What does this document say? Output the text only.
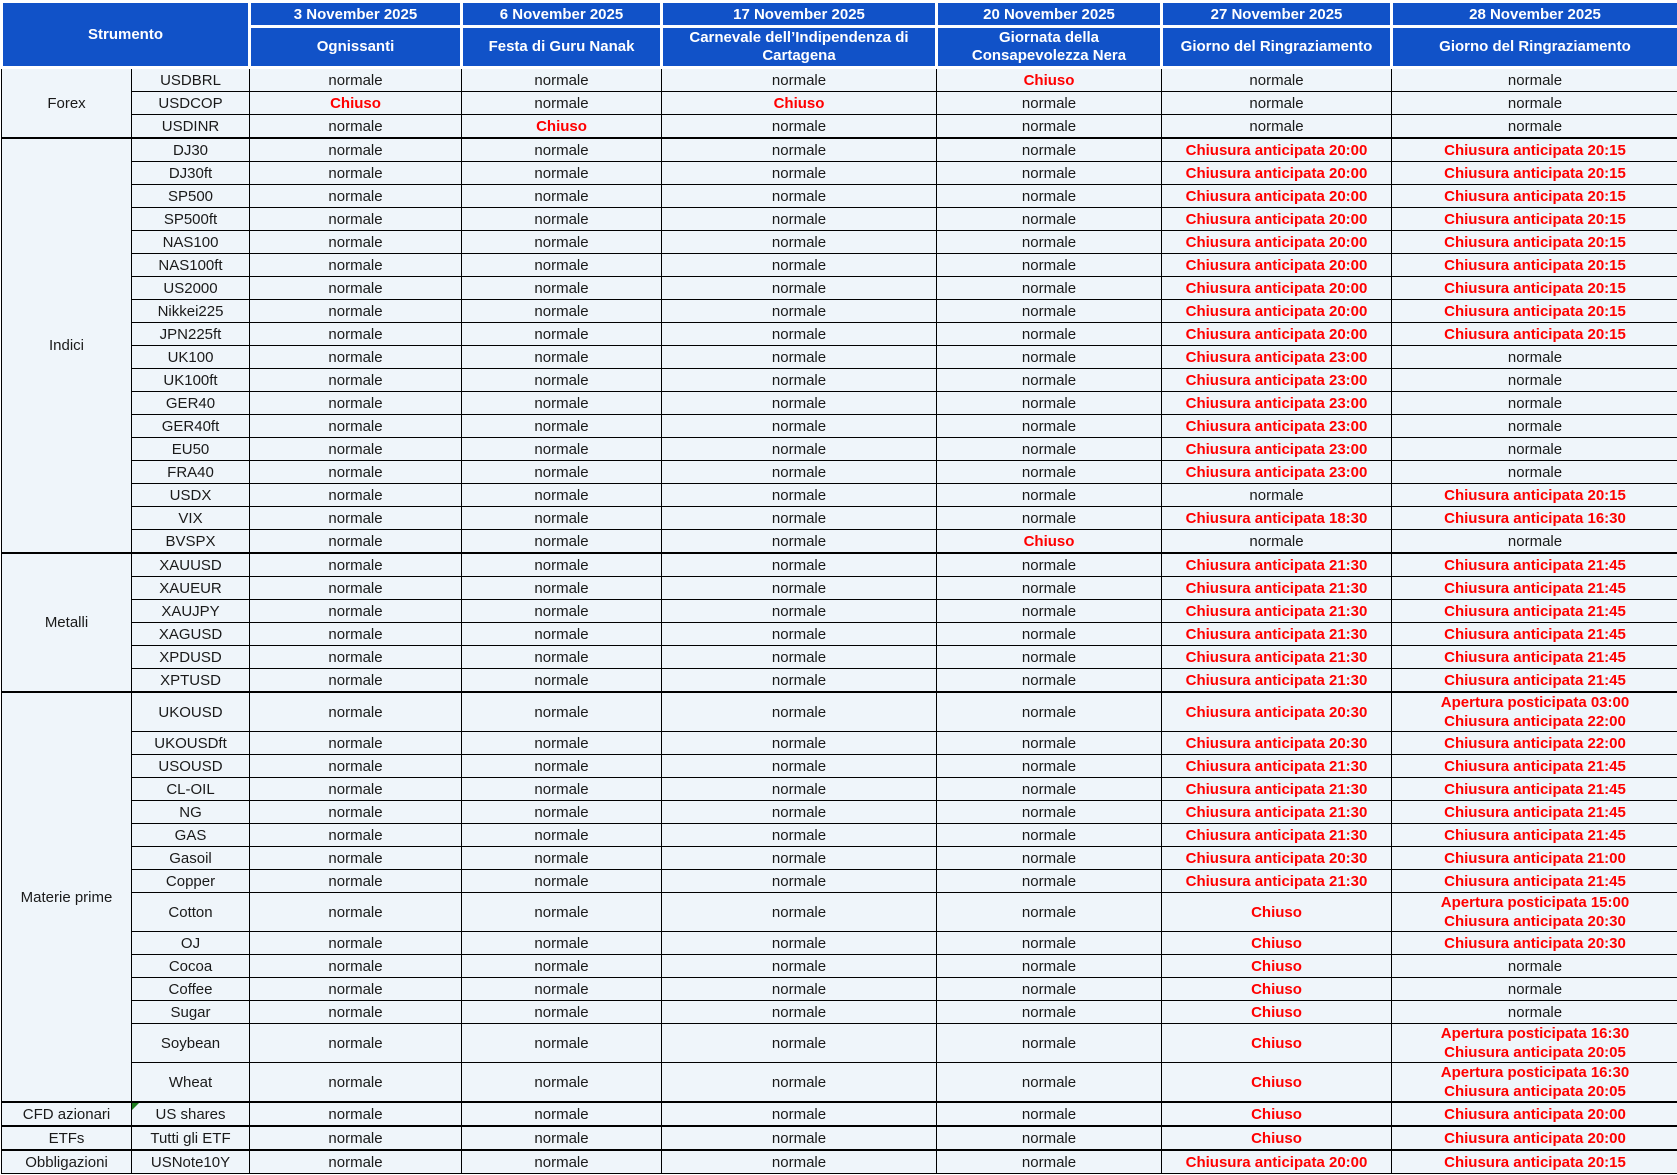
Strumento		3 November 2025	6 November 2025	17 November 2025	20 November 2025	27 November 2025	28 November 2025
		Ognissanti	Festa di Guru Nanak	Carnevale dell’Indipendenza di Cartagena	Giornata della Consapevolezza Nera	Giorno del Ringraziamento	Giorno del Ringraziamento
Forex	USDBRL	normale	normale	normale	Chiuso	normale	normale
	USDCOP	Chiuso	normale	Chiuso	normale	normale	normale
	USDINR	normale	Chiuso	normale	normale	normale	normale
Indici	DJ30	normale	normale	normale	normale	Chiusura anticipata 20:00	Chiusura anticipata 20:15
	DJ30ft	normale	normale	normale	normale	Chiusura anticipata 20:00	Chiusura anticipata 20:15
	SP500	normale	normale	normale	normale	Chiusura anticipata 20:00	Chiusura anticipata 20:15
	SP500ft	normale	normale	normale	normale	Chiusura anticipata 20:00	Chiusura anticipata 20:15
	NAS100	normale	normale	normale	normale	Chiusura anticipata 20:00	Chiusura anticipata 20:15
	NAS100ft	normale	normale	normale	normale	Chiusura anticipata 20:00	Chiusura anticipata 20:15
	US2000	normale	normale	normale	normale	Chiusura anticipata 20:00	Chiusura anticipata 20:15
	Nikkei225	normale	normale	normale	normale	Chiusura anticipata 20:00	Chiusura anticipata 20:15
	JPN225ft	normale	normale	normale	normale	Chiusura anticipata 20:00	Chiusura anticipata 20:15
	UK100	normale	normale	normale	normale	Chiusura anticipata 23:00	normale
	UK100ft	normale	normale	normale	normale	Chiusura anticipata 23:00	normale
	GER40	normale	normale	normale	normale	Chiusura anticipata 23:00	normale
	GER40ft	normale	normale	normale	normale	Chiusura anticipata 23:00	normale
	EU50	normale	normale	normale	normale	Chiusura anticipata 23:00	normale
	FRA40	normale	normale	normale	normale	Chiusura anticipata 23:00	normale
	USDX	normale	normale	normale	normale	normale	Chiusura anticipata 20:15
	VIX	normale	normale	normale	normale	Chiusura anticipata 18:30	Chiusura anticipata 16:30
	BVSPX	normale	normale	normale	Chiuso	normale	normale
Metalli	XAUUSD	normale	normale	normale	normale	Chiusura anticipata 21:30	Chiusura anticipata 21:45
	XAUEUR	normale	normale	normale	normale	Chiusura anticipata 21:30	Chiusura anticipata 21:45
	XAUJPY	normale	normale	normale	normale	Chiusura anticipata 21:30	Chiusura anticipata 21:45
	XAGUSD	normale	normale	normale	normale	Chiusura anticipata 21:30	Chiusura anticipata 21:45
	XPDUSD	normale	normale	normale	normale	Chiusura anticipata 21:30	Chiusura anticipata 21:45
	XPTUSD	normale	normale	normale	normale	Chiusura anticipata 21:30	Chiusura anticipata 21:45
Materie prime	UKOUSD	normale	normale	normale	normale	Chiusura anticipata 20:30	Apertura posticipata 03:00
Chiusura anticipata 22:00

	UKOUSDft	normale	normale	normale	normale	Chiusura anticipata 20:30	Chiusura anticipata 22:00
	USOUSD	normale	normale	normale	normale	Chiusura anticipata 21:30	Chiusura anticipata 21:45
	CL-OIL	normale	normale	normale	normale	Chiusura anticipata 21:30	Chiusura anticipata 21:45
	NG	normale	normale	normale	normale	Chiusura anticipata 21:30	Chiusura anticipata 21:45
	GAS	normale	normale	normale	normale	Chiusura anticipata 21:30	Chiusura anticipata 21:45
	Gasoil	normale	normale	normale	normale	Chiusura anticipata 20:30	Chiusura anticipata 21:00
	Copper	normale	normale	normale	normale	Chiusura anticipata 21:30	Chiusura anticipata 21:45
	Cotton	normale	normale	normale	normale	Chiuso	Apertura posticipata 15:00
Chiusura anticipata 20:30

	OJ	normale	normale	normale	normale	Chiuso	Chiusura anticipata 20:30
	Cocoa	normale	normale	normale	normale	Chiuso	normale
	Coffee	normale	normale	normale	normale	Chiuso	normale
	Sugar	normale	normale	normale	normale	Chiuso	normale
	Soybean	normale	normale	normale	normale	Chiuso	Apertura posticipata 16:30
Chiusura anticipata 20:05

	Wheat	normale	normale	normale	normale	Chiuso	Apertura posticipata 16:30
Chiusura anticipata 20:05

CFD azionari	US shares	normale	normale	normale	normale	Chiuso	Chiusura anticipata 20:00
ETFs	Tutti gli ETF	normale	normale	normale	normale	Chiuso	Chiusura anticipata 20:00
Obbligazioni	USNote10Y	normale	normale	normale	normale	Chiusura anticipata 20:00	Chiusura anticipata 20:15
